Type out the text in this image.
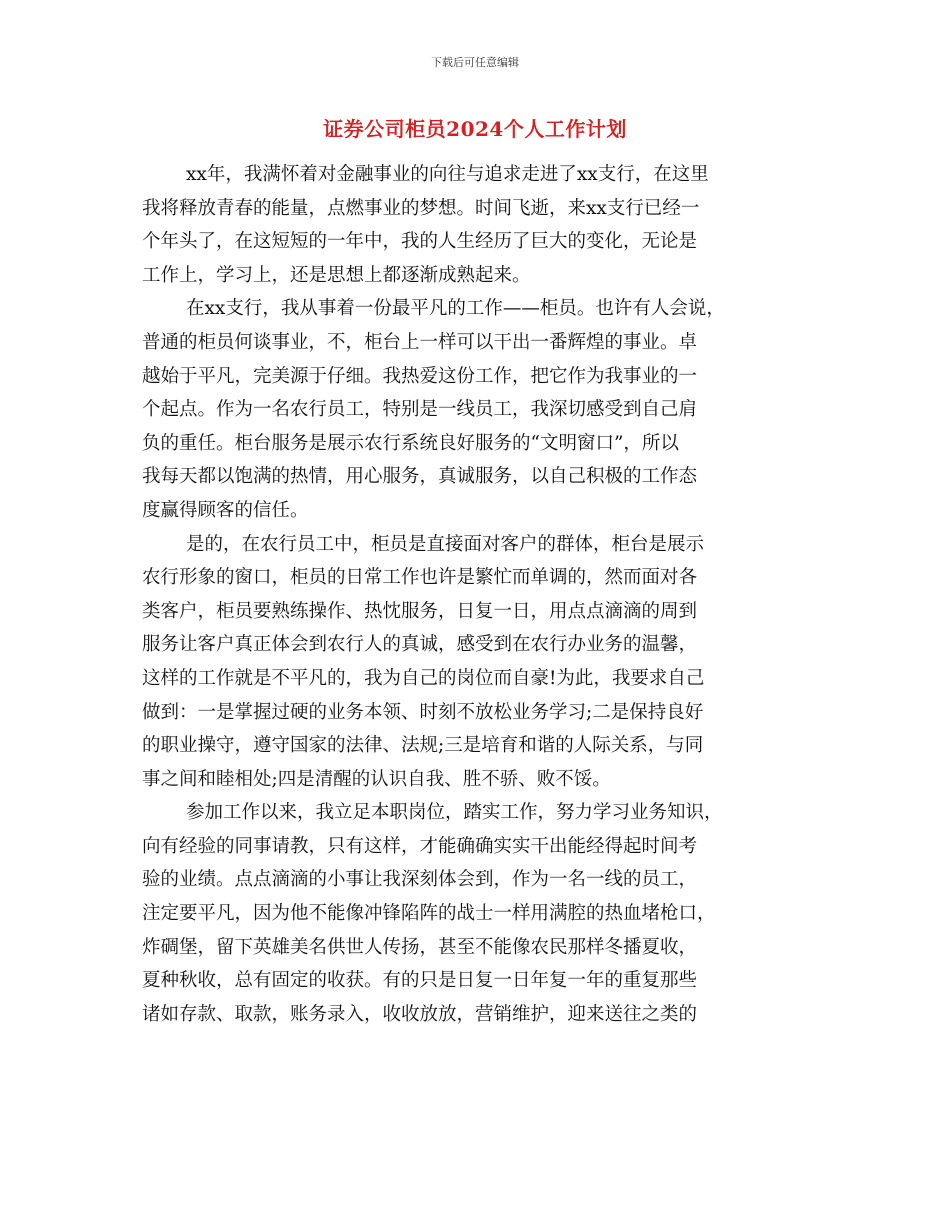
下载后可任意编辑
证券公司柜员2024个人工作计划
xx年，我满怀着对金融事业的向往与追求走进了xx支行，在这里
我将释放青春的能量，点燃事业的梦想。时间飞逝，来xx支行已经一
个年头了，在这短短的一年中，我的人生经历了巨大的变化，无论是
工作上，学习上，还是思想上都逐渐成熟起来。
在xx支行，我从事着一份最平凡的工作——柜员。也许有人会说，
普通的柜员何谈事业，不，柜台上一样可以干出一番辉煌的事业。卓
越始于平凡，完美源于仔细。我热爱这份工作，把它作为我事业的一
个起点。作为一名农行员工，特别是一线员工，我深切感受到自己肩
负的重任。柜台服务是展示农行系统良好服务的“文明窗口”，所以
我每天都以饱满的热情，用心服务，真诚服务，以自己积极的工作态
度赢得顾客的信任。
是的，在农行员工中，柜员是直接面对客户的群体，柜台是展示
农行形象的窗口，柜员的日常工作也许是繁忙而单调的，然而面对各
类客户，柜员要熟练操作、热忱服务，日复一日，用点点滴滴的周到
服务让客户真正体会到农行人的真诚，感受到在农行办业务的温馨，
这样的工作就是不平凡的，我为自己的岗位而自豪!为此，我要求自己
做到：一是掌握过硬的业务本领、时刻不放松业务学习;二是保持良好
的职业操守，遵守国家的法律、法规;三是培育和谐的人际关系，与同
事之间和睦相处;四是清醒的认识自我、胜不骄、败不馁。
参加工作以来，我立足本职岗位，踏实工作，努力学习业务知识，
向有经验的同事请教，只有这样，才能确确实实干出能经得起时间考
验的业绩。点点滴滴的小事让我深刻体会到，作为一名一线的员工，
注定要平凡，因为他不能像冲锋陷阵的战士一样用满腔的热血堵枪口，
炸碉堡，留下英雄美名供世人传扬，甚至不能像农民那样冬播夏收，
夏种秋收，总有固定的收获。有的只是日复一日年复一年的重复那些
诸如存款、取款，账务录入，收收放放，营销维护，迎来送往之类的
